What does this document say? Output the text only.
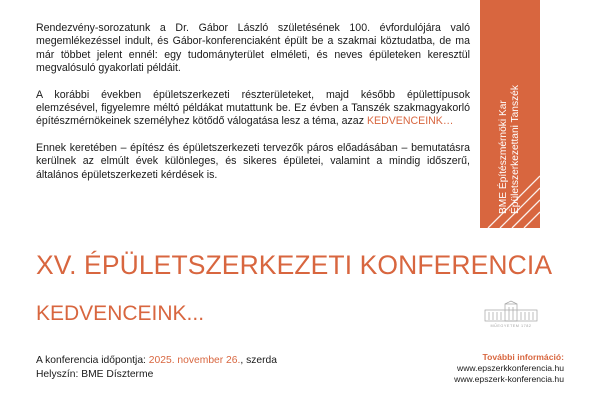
Rendezvény-sorozatunk a Dr. Gábor László születésének 100. évfordulójára való megemlékezéssel indult, és Gábor-konferenciaként épült be a szakmai köztudatba, de ma már többet jelent ennél: egy tudományterület elméleti, és neves épületeken keresztül megvalósuló gyakorlati példáit.

A korábbi években épületszerkezeti részterületeket, majd később épülettípusok elemzésével, figyelemre méltó példákat mutattunk be. Ez évben a Tanszék szakmagyakorló építészmérnökeinek személyhez kötődő válogatása lesz a téma, azaz KEDVENCEINK…

Ennek keretében – építész és épületszerkezeti tervezők páros előadásában – bemutatásra kerülnek az elmúlt évek különleges, és sikeres épületei, valamint a mindig időszerű, általános épületszerkezeti kérdések is.	BME Építészmérnöki Kar Épületszerkezettani Tanszék
XV. ÉPÜLETSZERKEZETI KONFERENCIA
KEDVENCEINK...
A konferencia időpontja: 2025. november 26., szerda
Helyszín: BME Díszterme
MŰEGYETEM 1782
További információ:
www.epszerkkonferencia.hu
www.epszerk-konferencia.hu
